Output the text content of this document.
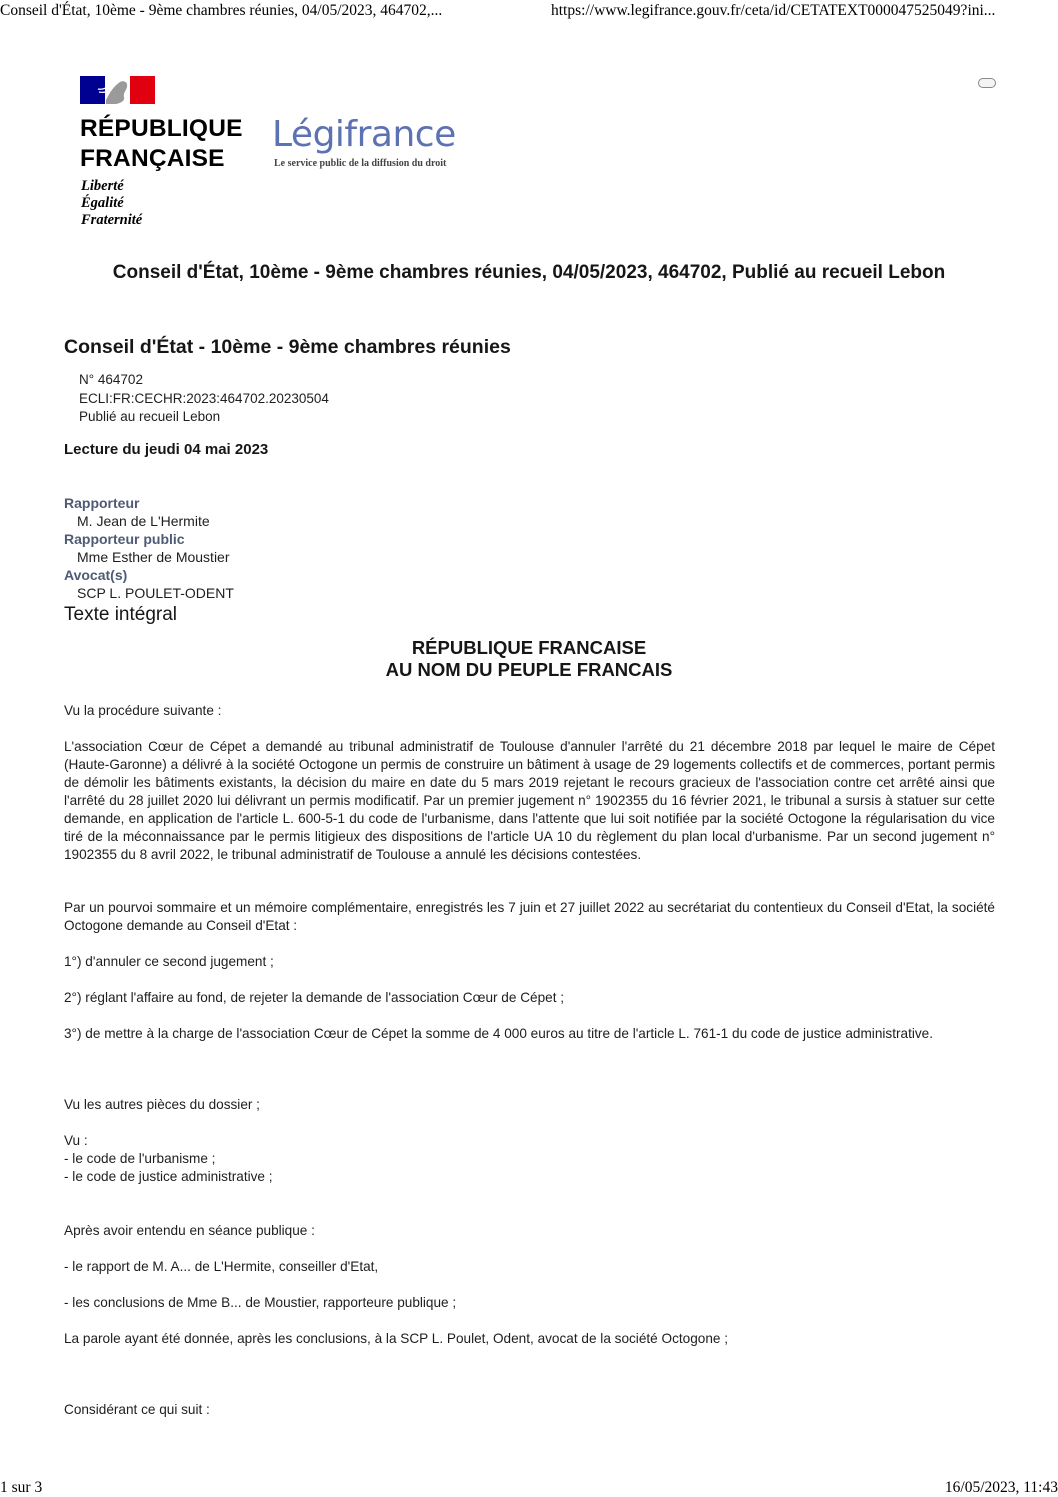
Conseil d'État, 10ème - 9ème chambres réunies, 04/05/2023, 464702,...	https://www.legifrance.gouv.fr/ceta/id/CETATEXT000047525049?ini...
RÉPUBLIQUE
FRANÇAISE
Liberté
Égalité
Fraternité
Légifrance
Le service public de la diffusion du droit
Conseil d'État, 10ème - 9ème chambres réunies, 04/05/2023, 464702, Publié au recueil Lebon
Conseil d'État - 10ème - 9ème chambres réunies
N° 464702
ECLI:FR:CECHR:2023:464702.20230504
Publié au recueil Lebon
Lecture du jeudi 04 mai 2023
Rapporteur
M. Jean de L'Hermite
Rapporteur public
Mme Esther de Moustier
Avocat(s)
SCP L. POULET-ODENT
Texte intégral
RÉPUBLIQUE FRANCAISE
AU NOM DU PEUPLE FRANCAIS

Vu la procédure suivante :

L'association Cœur de Cépet a demandé au tribunal administratif de Toulouse d'annuler l'arrêté du 21 décembre 2018 par lequel le maire de Cépet (Haute-Garonne) a délivré à la société Octogone un permis de construire un bâtiment à usage de 29 logements collectifs et de commerces, portant permis de démolir les bâtiments existants, la décision du maire en date du 5 mars 2019 rejetant le recours gracieux de l'association contre cet arrêté ainsi que l'arrêté du 28 juillet 2020 lui délivrant un permis modificatif. Par un premier jugement n° 1902355 du 16 février 2021, le tribunal a sursis à statuer sur cette demande, en application de l'article L. 600-5-1 du code de l'urbanisme, dans l'attente que lui soit notifiée par la société Octogone la régularisation du vice tiré de la méconnaissance par le permis litigieux des dispositions de l'article UA 10 du règlement du plan local d'urbanisme. Par un second jugement n° 1902355 du 8 avril 2022, le tribunal administratif de Toulouse a annulé les décisions contestées.

Par un pourvoi sommaire et un mémoire complémentaire, enregistrés les 7 juin et 27 juillet 2022 au secrétariat du contentieux du Conseil d'Etat, la société Octogone demande au Conseil d'Etat :

1°) d'annuler ce second jugement ;

2°) réglant l'affaire au fond, de rejeter la demande de l'association Cœur de Cépet ;

3°) de mettre à la charge de l'association Cœur de Cépet la somme de 4 000 euros au titre de l'article L. 761-1 du code de justice administrative.

Vu les autres pièces du dossier ;

Vu :

- le code de l'urbanisme ;

- le code de justice administrative ;

Après avoir entendu en séance publique :

- le rapport de M. A... de L'Hermite, conseiller d'Etat,

- les conclusions de Mme B... de Moustier, rapporteure publique ;

La parole ayant été donnée, après les conclusions, à la SCP L. Poulet, Odent, avocat de la société Octogone ;

Considérant ce qui suit :

1 sur 3	16/05/2023, 11:43
